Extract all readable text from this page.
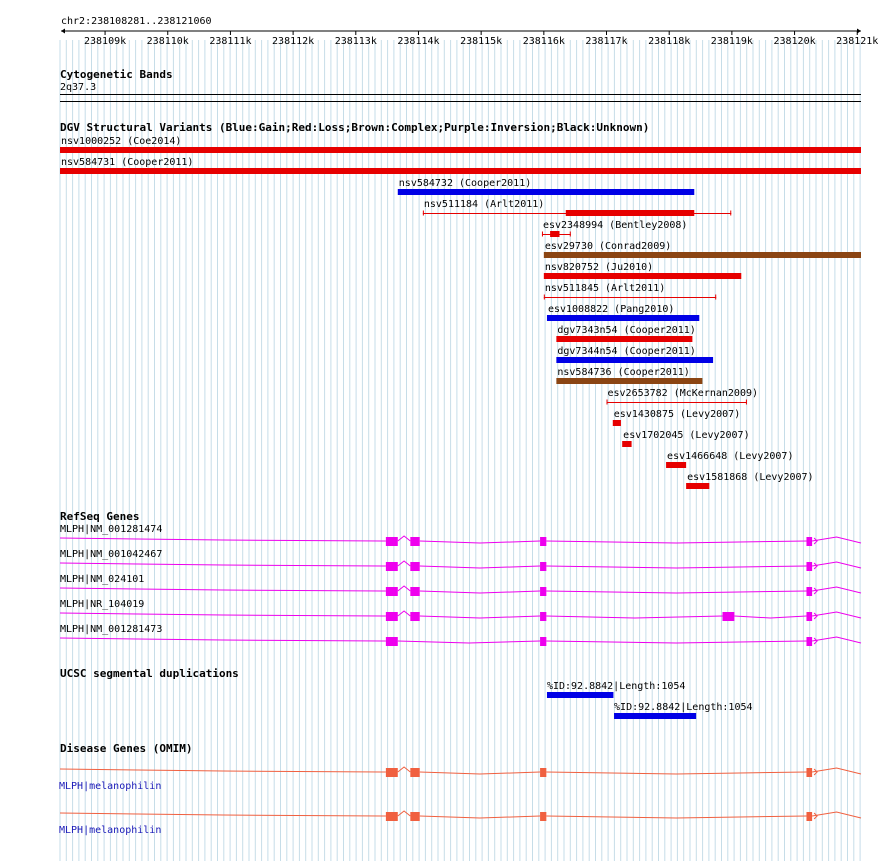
chr2:238108281..238121060
238109k 238110k 238111k 238112k 238113k 238114k 238115k 238116k 238117k 238118k 238119k 238120k 238121k
Cytogenetic Bands
2q37.3
DGV Structural Variants (Blue:Gain;Red:Loss;Brown:Complex;Purple:Inversion;Black:Unknown)
nsv1000252 (Coe2014)
nsv584731 (Cooper2011)
nsv584732 (Cooper2011)
nsv511184 (Arlt2011)
esv2348994 (Bentley2008)
esv29730 (Conrad2009)
nsv820752 (Ju2010)
nsv511845 (Arlt2011)
esv1008822 (Pang2010)
dgv7343n54 (Cooper2011)
dgv7344n54 (Cooper2011)
nsv584736 (Cooper2011)
esv2653782 (McKernan2009)
esv1430875 (Levy2007)
esv1702045 (Levy2007)
esv1466648 (Levy2007)
esv1581868 (Levy2007)
RefSeq Genes
MLPH|NM_001281474
MLPH|NM_001042467
MLPH|NM_024101
MLPH|NR_104019
MLPH|NM_001281473
UCSC segmental duplications
%ID:92.8842|Length:1054
%ID:92.8842|Length:1054
Disease Genes (OMIM)
MLPH|melanophilin
MLPH|melanophilin
